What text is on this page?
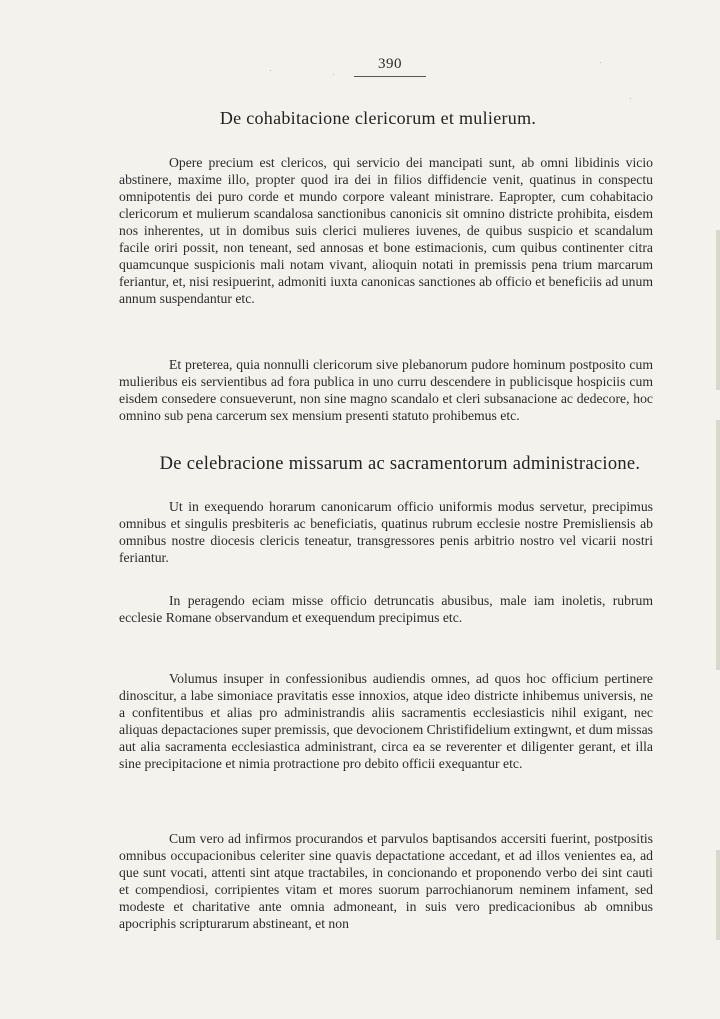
390
De cohabitacione clericorum et mulierum.

Opere precium est clericos, qui servicio dei mancipati sunt, ab omni libidinis vicio abstinere, maxime illo, propter quod ira dei in filios diffidencie venit, quatinus in conspectu omnipotentis dei puro corde et mundo corpore valeant ministrare. Eapropter, cum cohabitacio clericorum et mulierum scandalosa sanctionibus canonicis sit omnino districte prohibita, eisdem nos inherentes, ut in domibus suis clerici mulieres iuvenes, de quibus suspicio et scandalum facile oriri possit, non teneant, sed annosas et bone estimacionis, cum quibus continenter citra quamcunque suspicionis mali notam vivant, alioquin notati in premissis pena trium marcarum feriantur, et, nisi resipuerint, admoniti iuxta canonicas sanctiones ab officio et beneficiis ad unum annum suspendantur etc.

Et preterea, quia nonnulli clericorum sive plebanorum pudore hominum postposito cum mulieribus eis servientibus ad fora publica in uno curru descendere in publicisque hospiciis cum eisdem consedere consueverunt, non sine magno scandalo et cleri subsanacione ac dedecore, hoc omnino sub pena carcerum sex mensium presenti statuto prohibemus etc.

De celebracione missarum ac sacramentorum administracione.

Ut in exequendo horarum canonicarum officio uniformis modus servetur, precipimus omnibus et singulis presbiteris ac beneficiatis, quatinus rubrum ecclesie nostre Premisliensis ab omnibus nostre diocesis clericis teneatur, transgressores penis arbitrio nostro vel vicarii nostri feriantur.

In peragendo eciam misse officio detruncatis abusibus, male iam inoletis, rubrum ecclesie Romane observandum et exequendum precipimus etc.

Volumus insuper in confessionibus audiendis omnes, ad quos hoc officium pertinere dinoscitur, a labe simoniace pravitatis esse innoxios, atque ideo districte inhibemus universis, ne a confitentibus et alias pro administrandis aliis sacramentis ecclesiasticis nihil exigant, nec aliquas depactaciones super premissis, que devocionem Christifidelium extingwnt, et dum missas aut alia sacramenta ecclesiastica administrant, circa ea se reverenter et diligenter gerant, et illa sine precipitacione et nimia protractione pro debito officii exequantur etc.

Cum vero ad infirmos procurandos et parvulos baptisandos accersiti fuerint, postpositis omnibus occupacionibus celeriter sine quavis depactatione accedant, et ad illos venientes ea, ad que sunt vocati, attenti sint atque tractabiles, in concionando et proponendo verbo dei sint cauti et compendiosi, corripientes vitam et mores suorum parrochianorum neminem infament, sed modeste et charitative ante omnia admoneant, in suis vero predicacionibus ab omnibus apocriphis scripturarum abstineant, et non
